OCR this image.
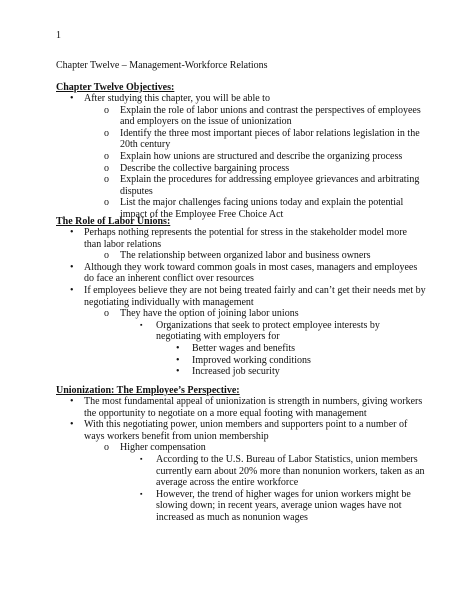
1
Chapter Twelve – Management-Workforce Relations
Chapter Twelve Objectives:
• After studying this chapter, you will be able to
o Explain the role of labor unions and contrast the perspectives of employees and employers on the issue of unionization
o Identify the three most important pieces of labor relations legislation in the 20th century
o Explain how unions are structured and describe the organizing process
o Describe the collective bargaining process
o Explain the procedures for addressing employee grievances and arbitrating disputes
o List the major challenges facing unions today and explain the potential impact of the Employee Free Choice Act
The Role of Labor Unions:
• Perhaps nothing represents the potential for stress in the stakeholder model more than labor relations
o The relationship between organized labor and business owners
• Although they work toward common goals in most cases, managers and employees do face an inherent conflict over resources
• If employees believe they are not being treated fairly and can’t get their needs met by negotiating individually with management
o They have the option of joining labor unions
▪ Organizations that seek to protect employee interests by negotiating with employers for
• Better wages and benefits
• Improved working conditions
• Increased job security
Unionization: The Employee’s Perspective:
• The most fundamental appeal of unionization is strength in numbers, giving workers the opportunity to negotiate on a more equal footing with management
• With this negotiating power, union members and supporters point to a number of ways workers benefit from union membership
o Higher compensation
▪ According to the U.S. Bureau of Labor Statistics, union members currently earn about 20% more than nonunion workers, taken as an average across the entire workforce
▪ However, the trend of higher wages for union workers might be slowing down; in recent years, average union wages have not increased as much as nonunion wages
